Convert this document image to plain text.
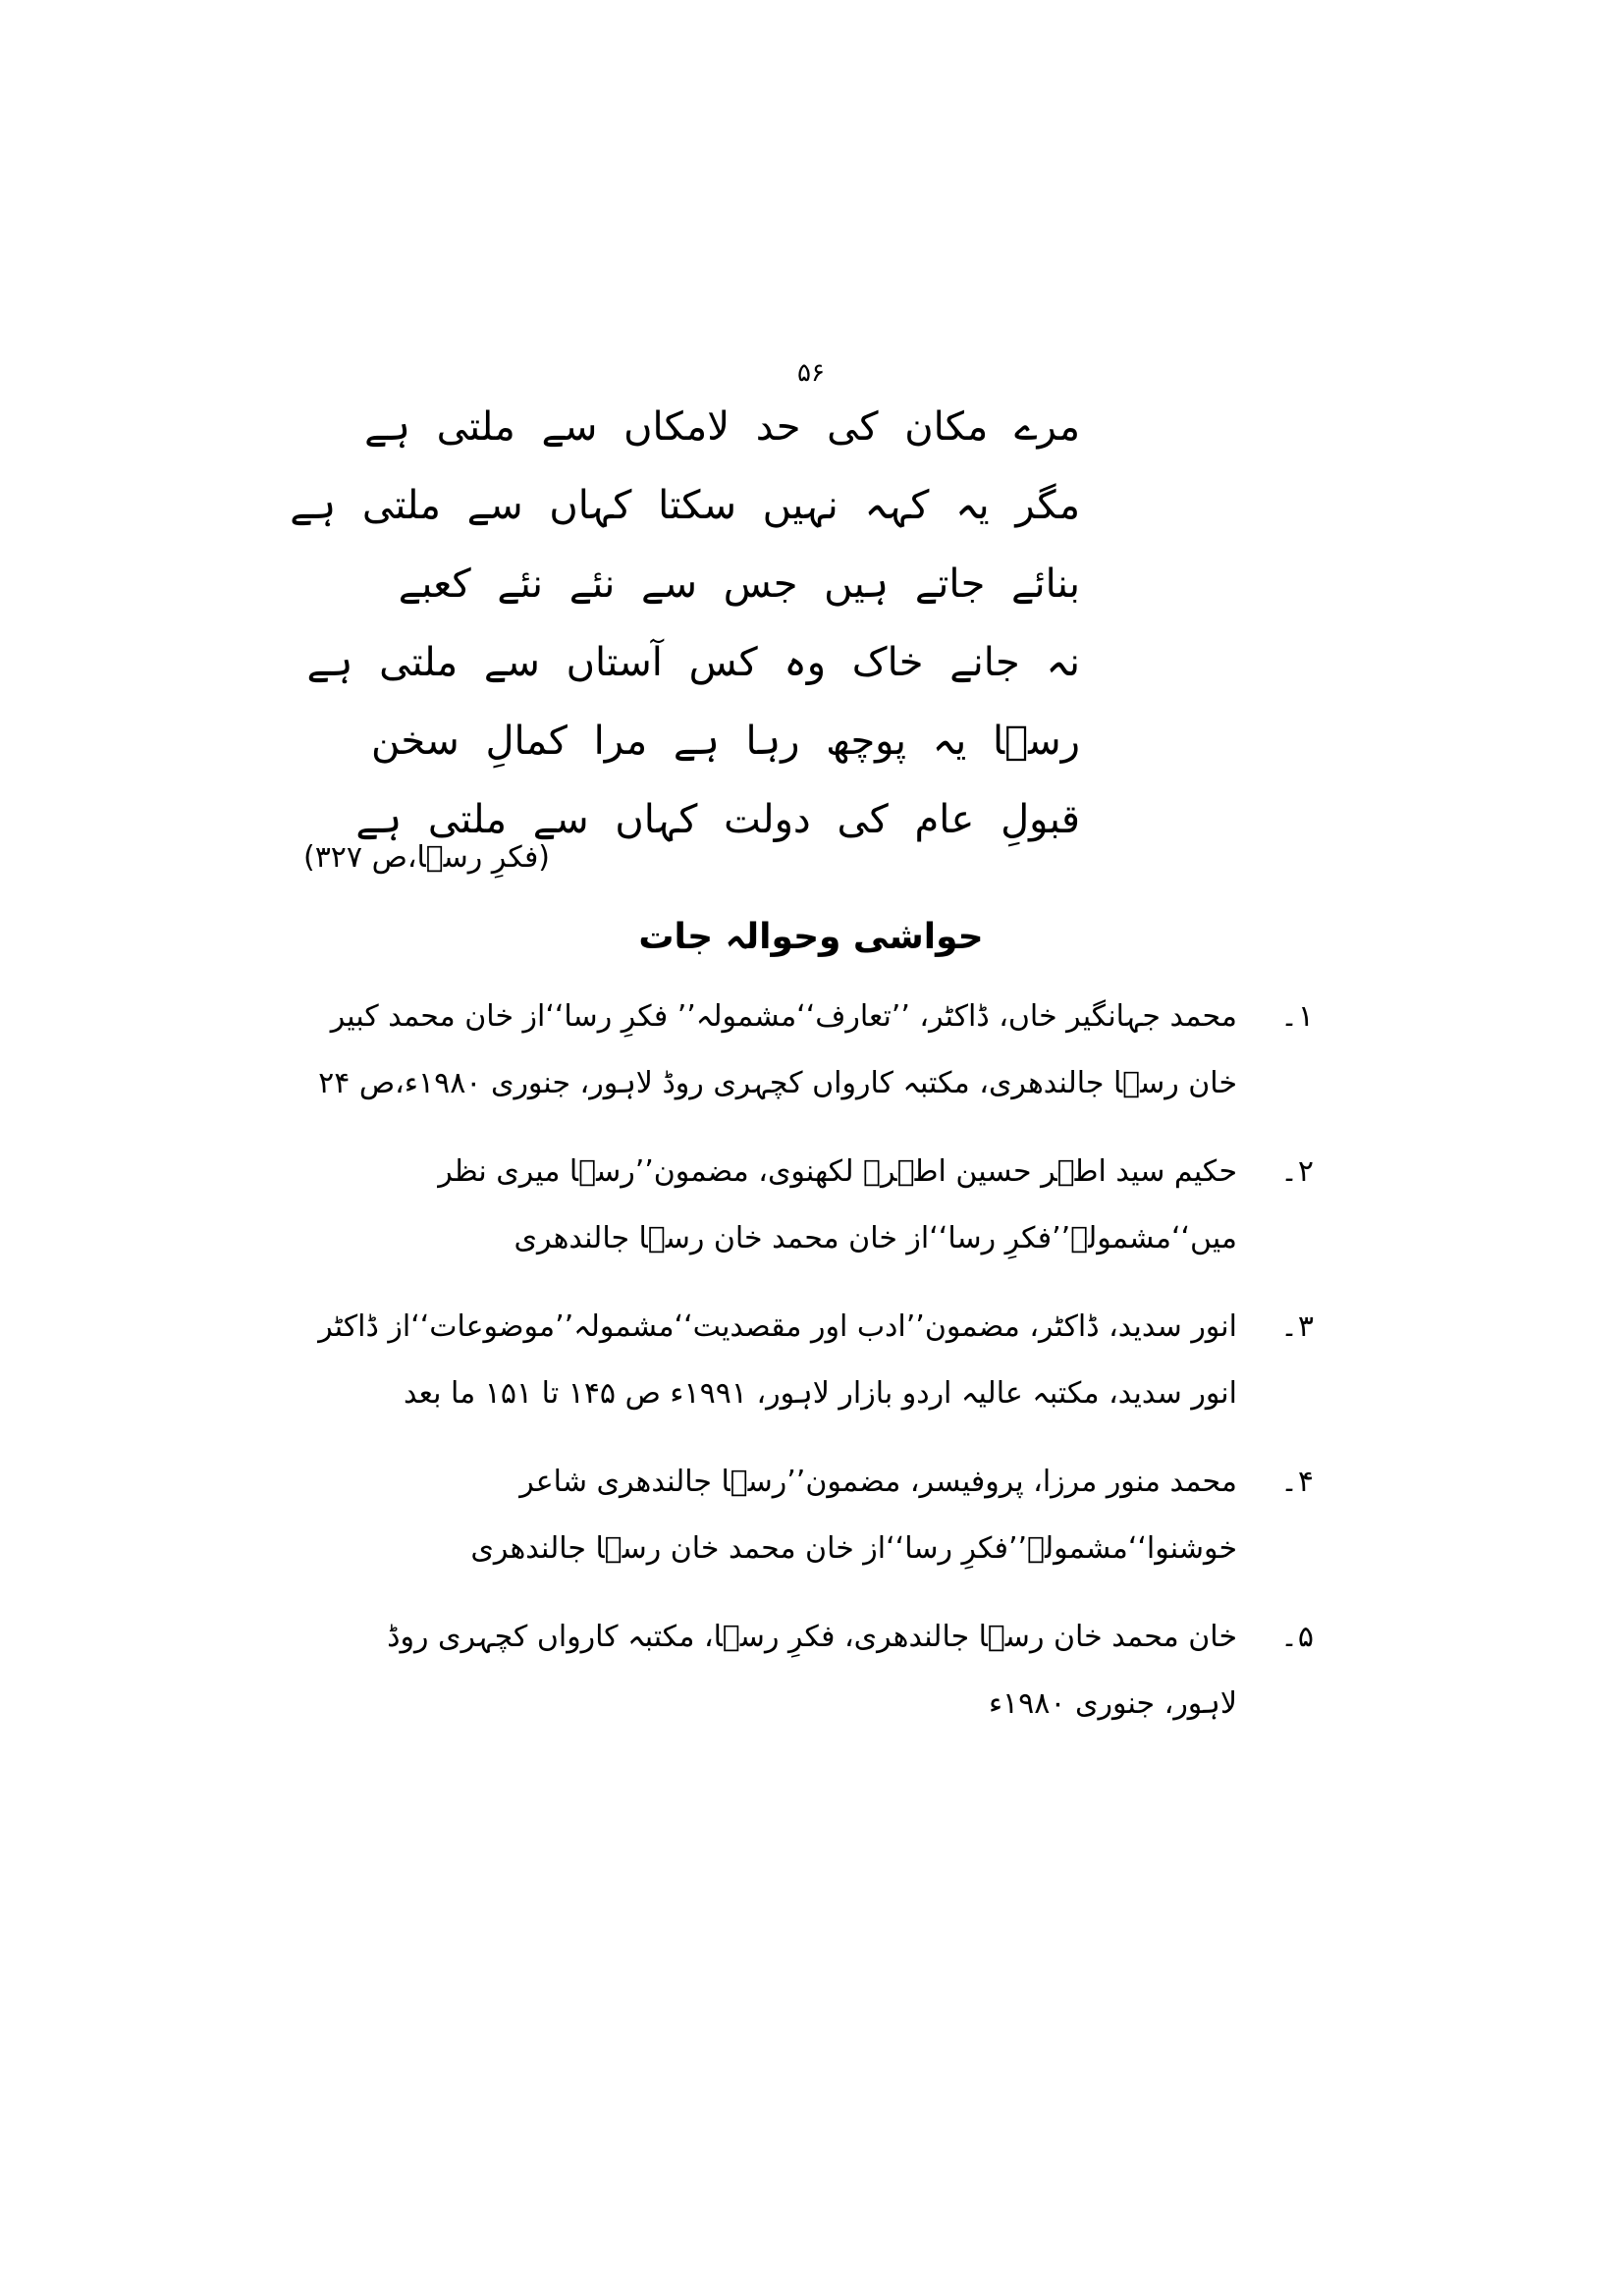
۵۶
مرے مکان کی حد لامکاں سے ملتی ہے
مگر یہ کہہ نہیں سکتا کہاں سے ملتی ہے
بنائے جاتے ہیں جس سے نئے نئے کعبے
نہ جانے خاک وہ کس آستاں سے ملتی ہے
رسؔا یہ پوچھ رہا ہے مرا کمالِ سخن
قبولِ عام کی دولت کہاں سے ملتی ہے
(فکرِ رسؔا،ص ۳۲۷)
حواشی وحوالہ جات
۱۔
محمد جہانگیر خاں، ڈاکٹر، ’’تعارف‘‘مشمولہ’’ فکرِ رسا‘‘از خان محمد کبیر خان رسؔا جالندھری، مکتبہ کارواں کچہری روڈ لاہور، جنوری ۱۹۸۰ء،ص ۲۴
۲۔
حکیم سید اطہر حسین اطہرؔ لکھنوی، مضمون’’رسؔا میری نظر میں‘‘مشمولہ’’فکرِ رسا‘‘از خان محمد خان رسؔا جالندھری
۳۔
انور سدید، ڈاکٹر، مضمون’’ادب اور مقصدیت‘‘مشمولہ’’موضوعات‘‘از ڈاکٹر انور سدید، مکتبہ عالیہ اردو بازار لاہور، ۱۹۹۱ء ص ۱۴۵ تا ۱۵۱ ما بعد
۴۔
محمد منور مرزا، پروفیسر، مضمون’’رسؔا جالندھری شاعر خوشنوا‘‘مشمولہ’’فکرِ رسا‘‘از خان محمد خان رسؔا جالندھری
۵۔
خان محمد خان رسؔا جالندھری، فکرِ رسؔا، مکتبہ کارواں کچہری روڈ لاہور، جنوری ۱۹۸۰ء
